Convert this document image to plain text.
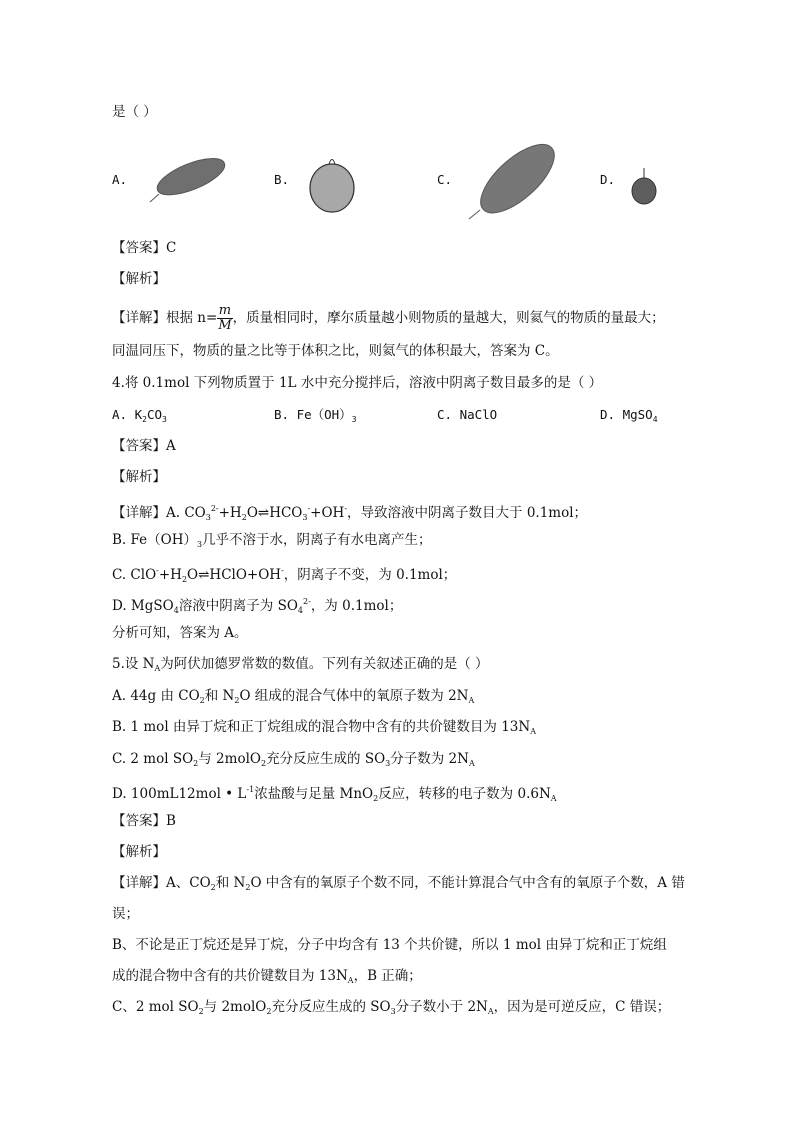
是（ ）
A.	B.	C.	D.
【答案】C
【解析】
【详解】根据 $n= \frac{m}{M}$ ，质量相同时，摩尔质量越小则物质的量越大，则氦气的物质的量最大；
同温同压下，物质的量之比等于体积之比，则氦气的体积最大，答案为 C。
4.将 0.1mol 下列物质置于 1L 水中充分搅拌后，溶液中阴离子数目最多的是（ ）
A. $K_2CO_3$	B. $Fe(OH)_3$	C. NaClO	D. MgSO$_4$
【答案】A
【解析】
【详解】A. $CO_3^{2-}+H_2O\rightleftharpoons HCO_3^-+OH^-$，导致溶液中阴离子数目大于 0.1mol；
B. $Fe(OH)_3$几乎不溶于水，阴离子有水电离产生；
C. $ClO^-+H_2O\rightleftharpoons HClO+OH^-$，阴离子不变，为 0.1mol；
D. MgSO$_4$溶液中阴离子为 $SO_4^{2-}$，为 0.1mol；
分析可知，答案为 A。
5.设 $N_A$为阿伏加德罗常数的数值。下列有关叙述正确的是（ ）
A. 44g 由 $CO_2$和 $N_2O$ 组成的混合气体中的氧原子数为 $2N_A$
B. 1 mol 由异丁烷和正丁烷组成的混合物中含有的共价键数目为 $13N_A$
C. 2 mol $SO_2$与 2molO$_2$充分反应生成的 $SO_3$分子数为 $2N_A$
D. 100mL12mol • $L^{-1}$浓盐酸与足量 MnO$_2$反应，转移的电子数为 $0.6N_A$
【答案】B
【解析】
【详解】A、$CO_2$和 $N_2O$ 中含有的氧原子个数不同，不能计算混合气中含有的氧原子个数，A 错
误；
B、不论是正丁烷还是异丁烷，分子中均含有 13 个共价键，所以 1 mol 由异丁烷和正丁烷组
成的混合物中含有的共价键数目为 $13N_A$，B 正确；
C、2 mol $SO_2$与 2molO$_2$充分反应生成的 $SO_3$分子数小于 $2N_A$，因为是可逆反应，C 错误；
